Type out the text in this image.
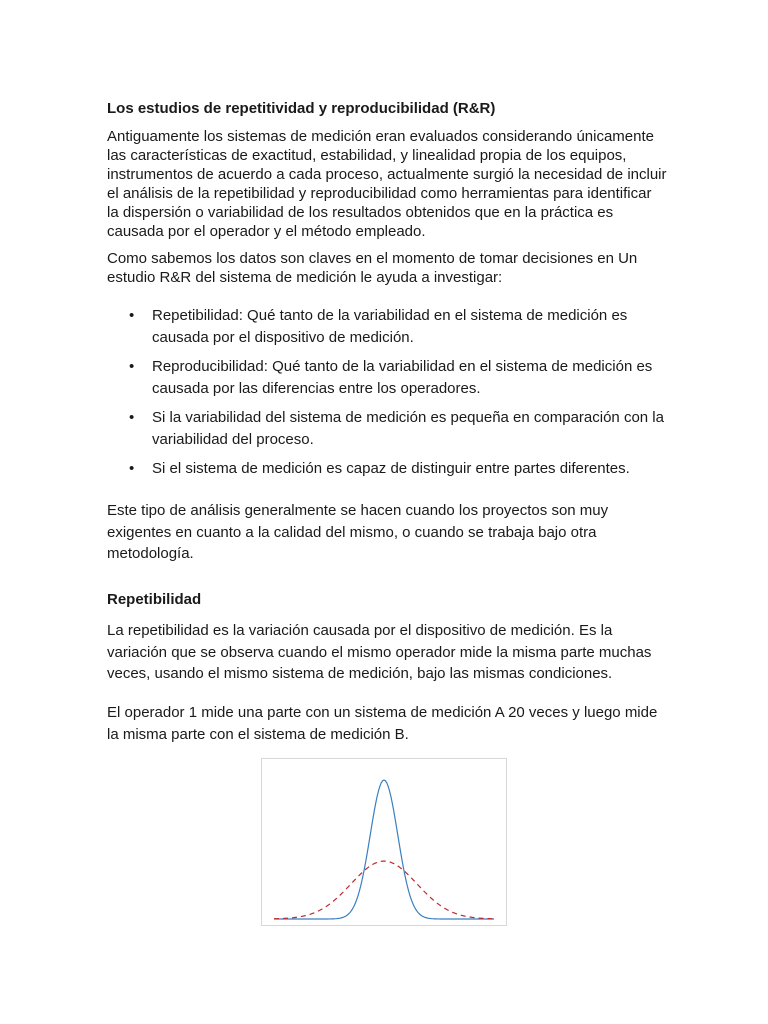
Los estudios de repetitividad y reproducibilidad (R&R)

Antiguamente los sistemas de medición eran evaluados considerando únicamente las características de exactitud, estabilidad, y linealidad propia de los equipos, instrumentos de acuerdo a cada proceso, actualmente surgió la necesidad de incluir el análisis de la repetibilidad y reproducibilidad como herramientas para identificar la dispersión o variabilidad de los resultados obtenidos que en la práctica es causada por el operador y el método empleado.

Como sabemos los datos son claves en el momento de tomar decisiones en Un estudio R&R del sistema de medición le ayuda a investigar:

• Repetibilidad: Qué tanto de la variabilidad en el sistema de medición es causada por el dispositivo de medición.
• Reproducibilidad: Qué tanto de la variabilidad en el sistema de medición es causada por las diferencias entre los operadores.
• Si la variabilidad del sistema de medición es pequeña en comparación con la variabilidad del proceso.
• Si el sistema de medición es capaz de distinguir entre partes diferentes.

Este tipo de análisis generalmente se hacen cuando los proyectos son muy exigentes en cuanto a la calidad del mismo, o cuando se trabaja bajo otra metodología.

Repetibilidad

La repetibilidad es la variación causada por el dispositivo de medición. Es la variación que se observa cuando el mismo operador mide la misma parte muchas veces, usando el mismo sistema de medición, bajo las mismas condiciones.

El operador 1 mide una parte con un sistema de medición A 20 veces y luego mide la misma parte con el sistema de medición B.
